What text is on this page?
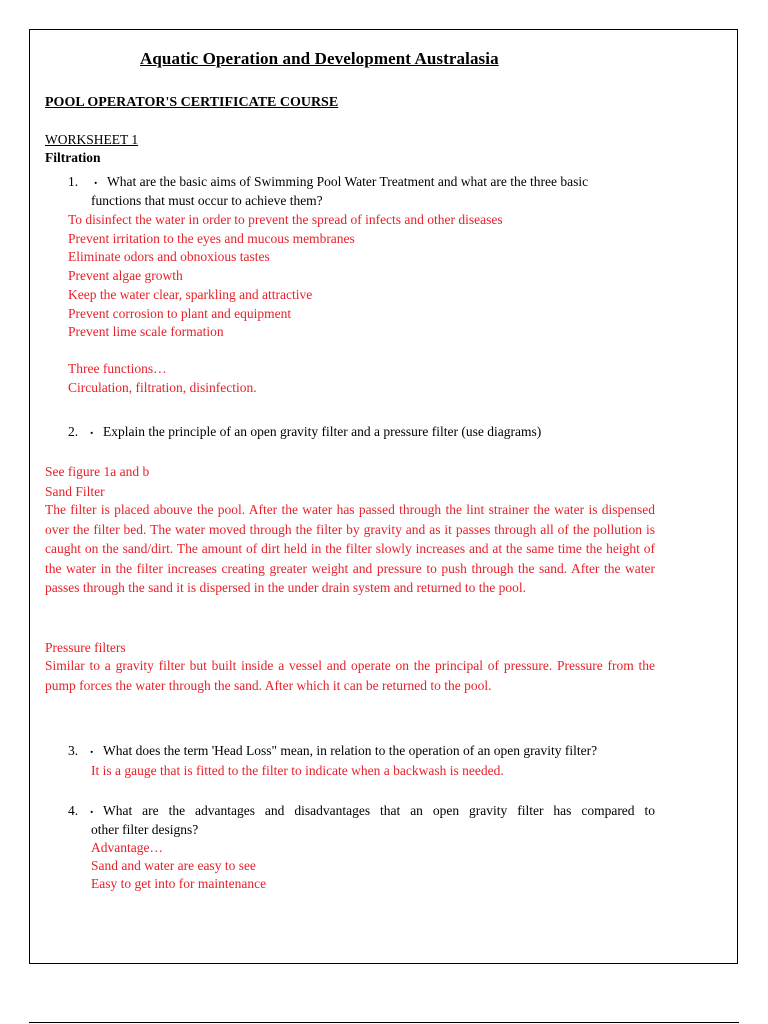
Aquatic Operation and Development Australasia
POOL OPERATOR'S CERTIFICATE COURSE
WORKSHEET 1
Filtration
1. . What are the basic aims of Swimming Pool Water Treatment and what are the three basic
functions that must occur to achieve them?
To disinfect the water in order to prevent the spread of infects and other diseases
Prevent irritation to the eyes and mucous membranes
Eliminate odors and obnoxious tastes
Prevent algae growth
Keep the water clear, sparkling and attractive
Prevent corrosion to plant and equipment
Prevent lime scale formation
Three functions…
Circulation, filtration, disinfection.
2. . Explain the principle of an open gravity filter and a pressure filter (use diagrams)
See figure 1a and b
Sand Filter
The filter is placed abouve the pool. After the water has passed through the lint strainer the water is dispensed over the filter bed. The water moved through the filter by gravity and as it passes through all of the pollution is caught on the sand/dirt. The amount of dirt held in the filter slowly increases and at the same time the height of the water in the filter increases creating greater weight and pressure to push through the sand. After the water passes through the sand it is dispersed in the under drain system and returned to the pool.
Pressure filters
Similar to a gravity filter but built inside a vessel and operate on the principal of pressure. Pressure from the pump forces the water through the sand. After which it can be returned to the pool.
3. . What does the term 'Head Loss" mean, in relation to the operation of an open gravity filter?
It is a gauge that is fitted to the filter to indicate when a backwash is needed.
4. . What are the advantages and disadvantages that an open gravity filter has compared to
other filter designs?
Advantage…
Sand and water are easy to see
Easy to get into for maintenance
